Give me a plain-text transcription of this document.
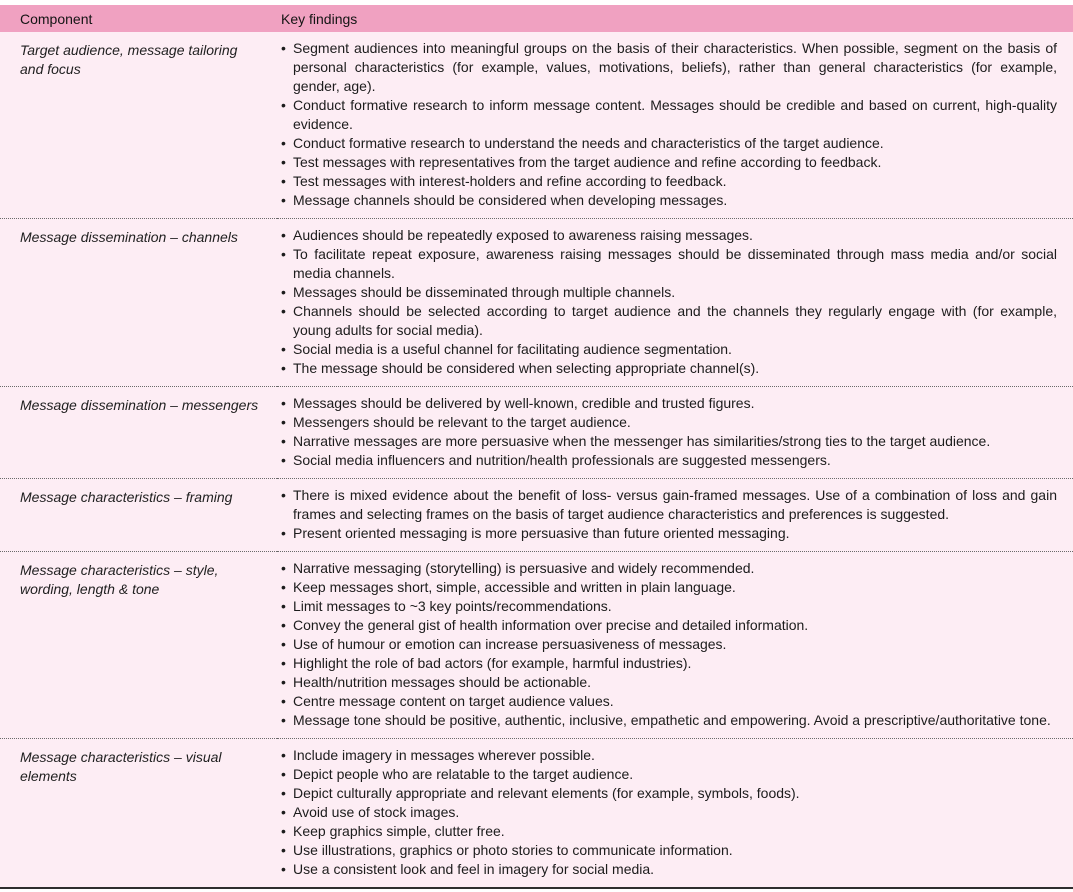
Component	Key findings
Target audience, message tailoring and focus	
• Segment audiences into meaningful groups on the basis of their characteristics. When possible, segment on the basis of personal characteristics (for example, values, motivations, beliefs), rather than general characteristics (for example, gender, age).
• Conduct formative research to inform message content. Messages should be credible and based on current, high-quality evidence.
• Conduct formative research to understand the needs and characteristics of the target audience.
• Test messages with representatives from the target audience and refine according to feedback.
• Test messages with interest-holders and refine according to feedback.
• Message channels should be considered when developing messages.

Message dissemination – channels	
•Audiences should be repeatedly exposed to awareness raising messages.
• To facilitate repeat exposure, awareness raising messages should be disseminated through mass media and/or social media channels.
• Messages should be disseminated through multiple channels.
• Channels should be selected according to target audience and the channels they regularly engage with (for example, young adults for social media).
• Social media is a useful channel for facilitating audience segmentation.
• The message should be considered when selecting appropriate channel(s).

Message dissemination – messengers	
•Messages should be delivered by well-known, credible and trusted figures.
• Messengers should be relevant to the target audience.
• Narrative messages are more persuasive when the messenger has similarities/strong ties to the target audience.
• Social media influencers and nutrition/health professionals are suggested messengers.

Message characteristics – framing	
•There is mixed evidence about the benefit of loss- versus gain-framed messages. Use of a combination of loss and gain frames and selecting frames on the basis of target audience characteristics and preferences is suggested.
• Present oriented messaging is more persuasive than future oriented messaging.

Message characteristics – style, wording, length & tone	
• Narrative messaging (storytelling) is persuasive and widely recommended.
• Keep messages short, simple, accessible and written in plain language.
• Limit messages to ~3 key points/recommendations.
• Convey the general gist of health information over precise and detailed information.
• Use of humour or emotion can increase persuasiveness of messages.
• Highlight the role of bad actors (for example, harmful industries).
• Health/nutrition messages should be actionable.
• Centre message content on target audience values.
• Message tone should be positive, authentic, inclusive, empathetic and empowering. Avoid a prescriptive/authoritative tone.

Message characteristics – visual elements	
• Include imagery in messages wherever possible.
• Depict people who are relatable to the target audience.
• Depict culturally appropriate and relevant elements (for example, symbols, foods).
• Avoid use of stock images.
• Keep graphics simple, clutter free.
• Use illustrations, graphics or photo stories to communicate information.
• Use a consistent look and feel in imagery for social media.
